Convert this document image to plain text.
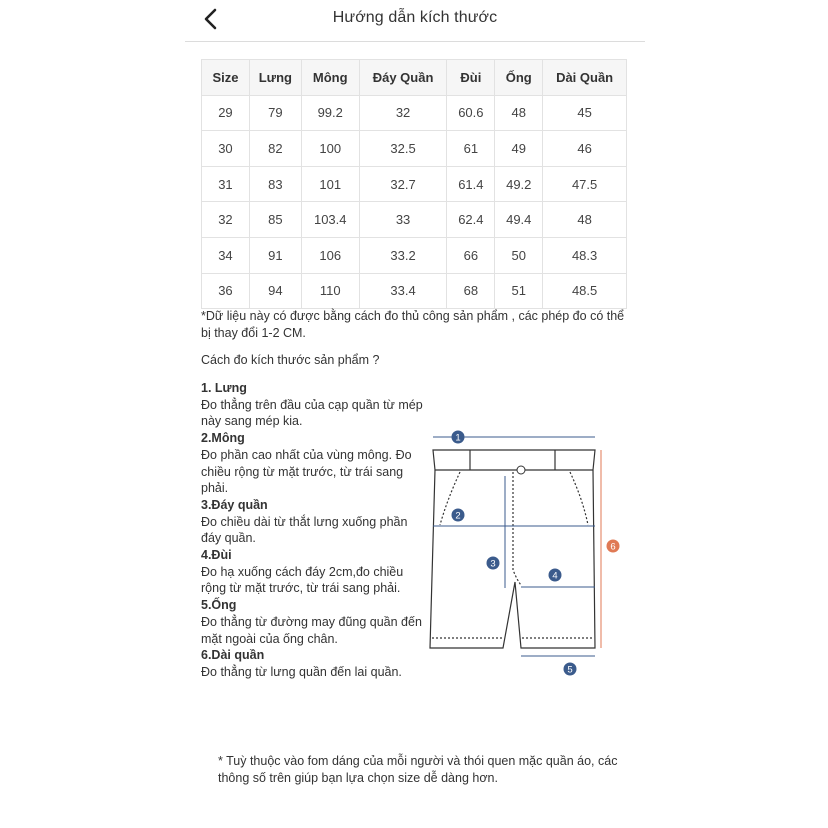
Hướng dẫn kích thước
Size	Lưng	Mông	Đáy Quần	Đùi	Ống	Dài Quần
29	79	99.2	32	60.6	48	45
30	82	100	32.5	61	49	46
31	83	101	32.7	61.4	49.2	47.5
32	85	103.4	33	62.4	49.4	48
34	91	106	33.2	66	50	48.3
36	94	110	33.4	68	51	48.5
*Dữ liệu này có được bằng cách đo thủ công sản phẩm , các phép đo có thể bị thay đổi 1-2 CM.
Cách đo kích thước sản phẩm ?
1. Lưng
Đo thẳng trên đầu của cạp quần từ mép này sang mép kia.
2.Mông
Đo phần cao nhất của vùng mông. Đo chiều rộng từ mặt trước, từ trái sang phải.
3.Đáy quần
Đo chiều dài từ thắt lưng xuống phần đáy quần.
4.Đùi
Đo hạ xuống cách đáy 2cm,đo chiều rộng từ mặt trước, từ trái sang phải.
5.Ống
Đo thẳng từ đường may đũng quần đến mặt ngoài của ống chân.
6.Dài quần
Đo thẳng từ lưng quần đến lai quần.
1
2
3
4
5
6
* Tuỳ thuộc vào fom dáng của mỗi người và thói quen mặc quần áo, các thông số trên giúp bạn lựa chọn size dễ dàng hơn.
